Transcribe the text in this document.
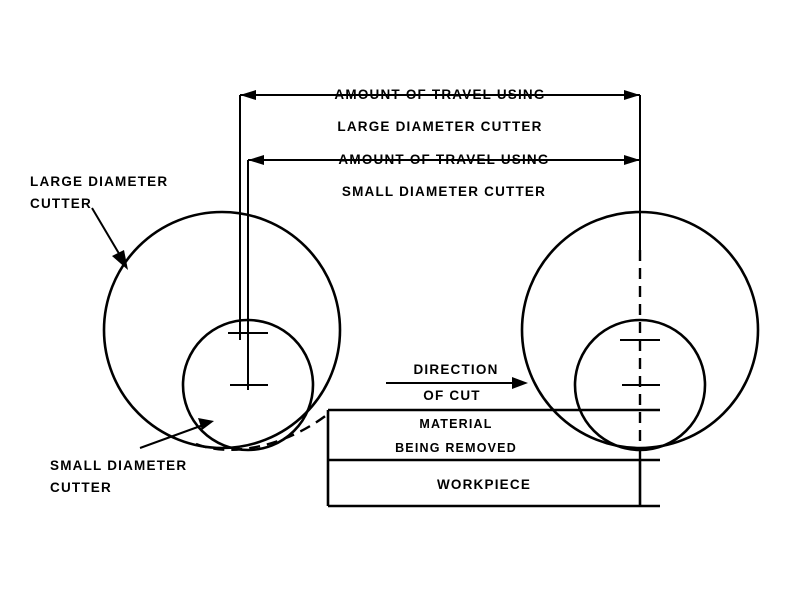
AMOUNT OF TRAVEL USING
LARGE DIAMETER CUTTER
AMOUNT OF TRAVEL USING
SMALL DIAMETER CUTTER
LARGE DIAMETER
CUTTER
SMALL DIAMETER
CUTTER
DIRECTION
OF CUT
MATERIAL
BEING REMOVED
WORKPIECE
